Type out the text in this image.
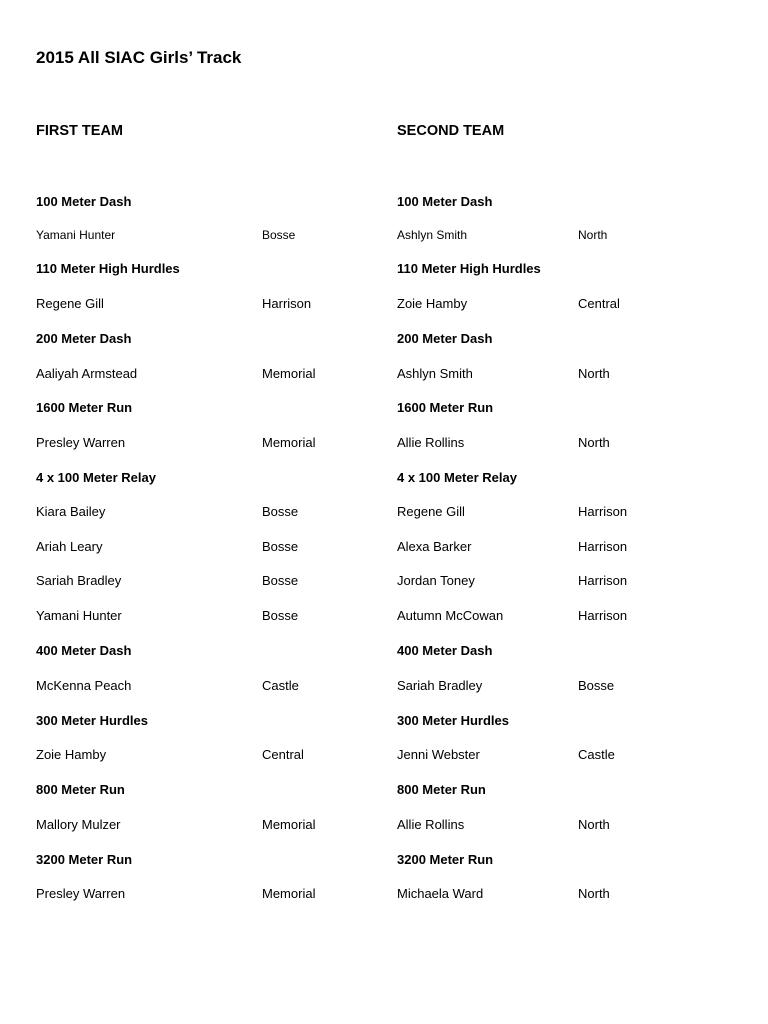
2015 All SIAC Girls’ Track
FIRST TEAM	SECOND TEAM
100 Meter Dash	100 Meter Dash
Yamani Hunter	Bosse	Ashlyn Smith	North
110 Meter High Hurdles	110 Meter High Hurdles
Regene Gill	Harrison	Zoie Hamby	Central
200 Meter Dash	200 Meter Dash
Aaliyah Armstead	Memorial	Ashlyn Smith	North
1600 Meter Run	1600 Meter Run
Presley Warren	Memorial	Allie Rollins	North
4 x 100 Meter Relay	4 x 100 Meter Relay
Kiara Bailey	Bosse	Regene Gill	Harrison
Ariah Leary	Bosse	Alexa Barker	Harrison
Sariah Bradley	Bosse	Jordan Toney	Harrison
Yamani Hunter	Bosse	Autumn McCowan	Harrison
400 Meter Dash	400 Meter Dash
McKenna Peach	Castle	Sariah Bradley	Bosse
300 Meter Hurdles	300 Meter Hurdles
Zoie Hamby	Central	Jenni Webster	Castle
800 Meter Run	800 Meter Run
Mallory Mulzer	Memorial	Allie Rollins	North
3200 Meter Run	3200 Meter Run
Presley Warren	Memorial	Michaela Ward	North
